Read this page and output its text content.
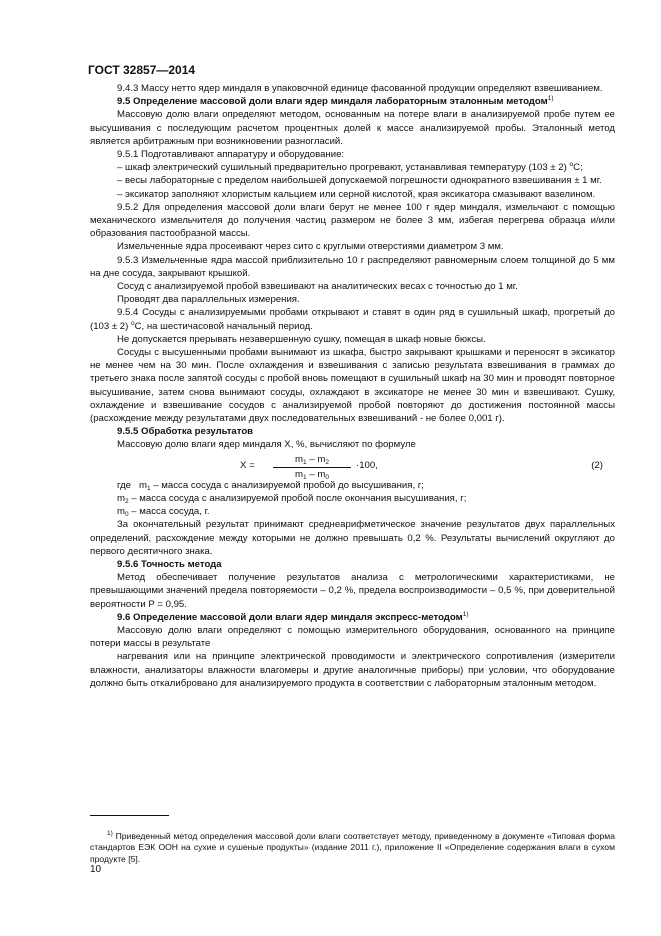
ГОСТ 32857—2014

9.4.3 Массу нетто ядер миндаля в упаковочной единице фасованной продукции определяют взвешиванием.

9.5 Определение массовой доли влаги ядер миндаля лабораторным эталонным методом$^{1)}$

Массовую долю влаги определяют методом, основанным на потере влаги в анализируемой пробе путем ее высушивания с последующим расчетом процентных долей к массе анализируемой пробы. Эталонный метод является арбитражным при возникновении разногласий.

9.5.1 Подготавливают аппаратуру и оборудование:

– шкаф электрический сушильный предварительно прогревают, устанавливая температуру (103 ± 2) $^o$С;

– весы лабораторные с пределом наибольшей допускаемой погрешности однократного взвешивания ± 1 мг.

– эксикатор заполняют хлористым кальцием или серной кислотой, края эксикатора смазывают вазелином.

9.5.2 Для определения массовой доли влаги берут не менее 100 г ядер миндаля, измельчают с помощью механического измельчителя до получения частиц размером не более 3 мм, избегая перегрева образца и/или образования пастообразной массы.

Измельченные ядра просеивают через сито с круглыми отверстиями диаметром 3 мм.

9.5.3 Измельченные ядра массой приблизительно 10 г распределяют равномерным слоем толщиной до 5 мм на дне сосуда, закрывают крышкой.

Сосуд с анализируемой пробой взвешивают на аналитических весах с точностью до 1 мг.

Проводят два параллельных измерения.

9.5.4 Сосуды с анализируемыми пробами открывают и ставят в один ряд в сушильный шкаф, прогретый до (103 ± 2) $^o$С, на шестичасовой начальный период.

Не допускается прерывать незавершенную сушку, помещая в шкаф новые бюксы.

Сосуды с высушенными пробами вынимают из шкафа, быстро закрывают крышками и переносят в эксикатор не менее чем на 30 мин. После охлаждения и взвешивания с записью результата взвешивания в граммах до третьего знака после запятой сосуды с пробой вновь помещают в сушильный шкаф на 30 мин и проводят повторное высушивание, затем снова вынимают сосуды, охлаждают в эксикаторе не менее 30 мин и взвешивают. Сушку, охлаждение и взвешивание сосудов с анализируемой пробой повторяют до достижения постоянной массы (расхождение между результатами двух последовательных взвешиваний - не более 0,001 г).

9.5.5 Обработка результатов

Массовую долю влаги ядер миндаля X, %, вычисляют по формуле

$X = \frac{m_1 - m_2}{m_1 - m_0} \cdot 100$,	(2)

где $m_1$ – масса сосуда с анализируемой пробой до высушивания, г;

$m_2$ – масса сосуда с анализируемой пробой после окончания высушивания, г;

$m_0$ – масса сосуда, г.

За окончательный результат принимают среднеарифметическое значение результатов двух параллельных определений, расхождение между которыми не должно превышать 0,2 %. Результаты вычислений округляют до первого десятичного знака.

9.5.6 Точность метода

Метод обеспечивает получение результатов анализа с метрологическими характеристиками, не превышающими значений предела повторяемости – 0,2 %, предела воспроизводимости – 0,5 %, при доверительной вероятности P = 0,95.

9.6 Определение массовой доли влаги ядер миндаля экспресс-методом$^{1)}$

Массовую долю влаги определяют с помощью измерительного оборудования, основанного на принципе потери массы в результате

нагревания или на принципе электрической проводимости и электрического сопротивления (измерители влажности, анализаторы влажности влагомеры и другие аналогичные приборы) при условии, что оборудование должно быть откалибровано для анализируемого продукта в соответствии с лабораторным эталонным методом.

$^{1)}$ Приведенный метод определения массовой доли влаги соответствует методу, приведенному в документе «Типовая форма стандартов ЕЭК ООН на сухие и сушеные продукты» (издание 2011 г.), приложение II «Определение содержания влаги в сухом продукте [5].

10
